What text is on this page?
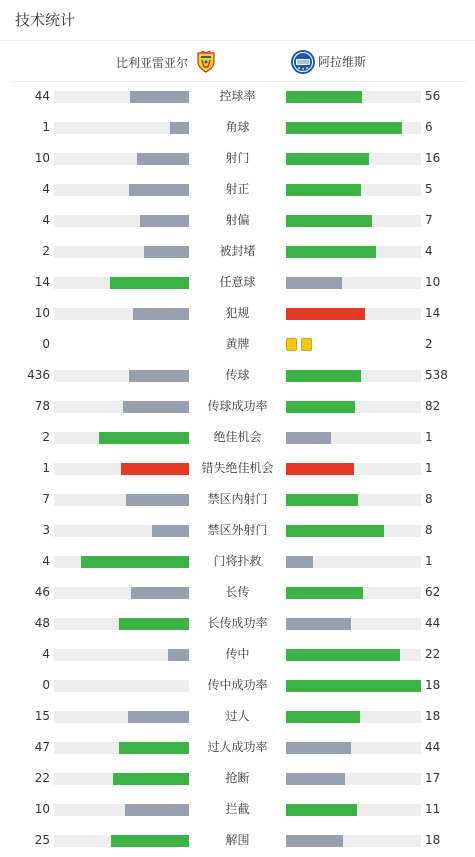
技术统计
比利亚雷亚尔	阿拉维斯
44	控球率	56
1	角球	6
10	射门	16
4	射正	5
4	射偏	7
2	被封堵	4
14	任意球	10
10	犯规	14
0	黄牌	2
436	传球	538
78	传球成功率	82
2	绝佳机会	1
1	错失绝佳机会	1
7	禁区内射门	8
3	禁区外射门	8
4	门将扑救	1
46	长传	62
48	长传成功率	44
4	传中	22
0	传中成功率	18
15	过人	18
47	过人成功率	44
22	抢断	17
10	拦截	11
25	解围	18
